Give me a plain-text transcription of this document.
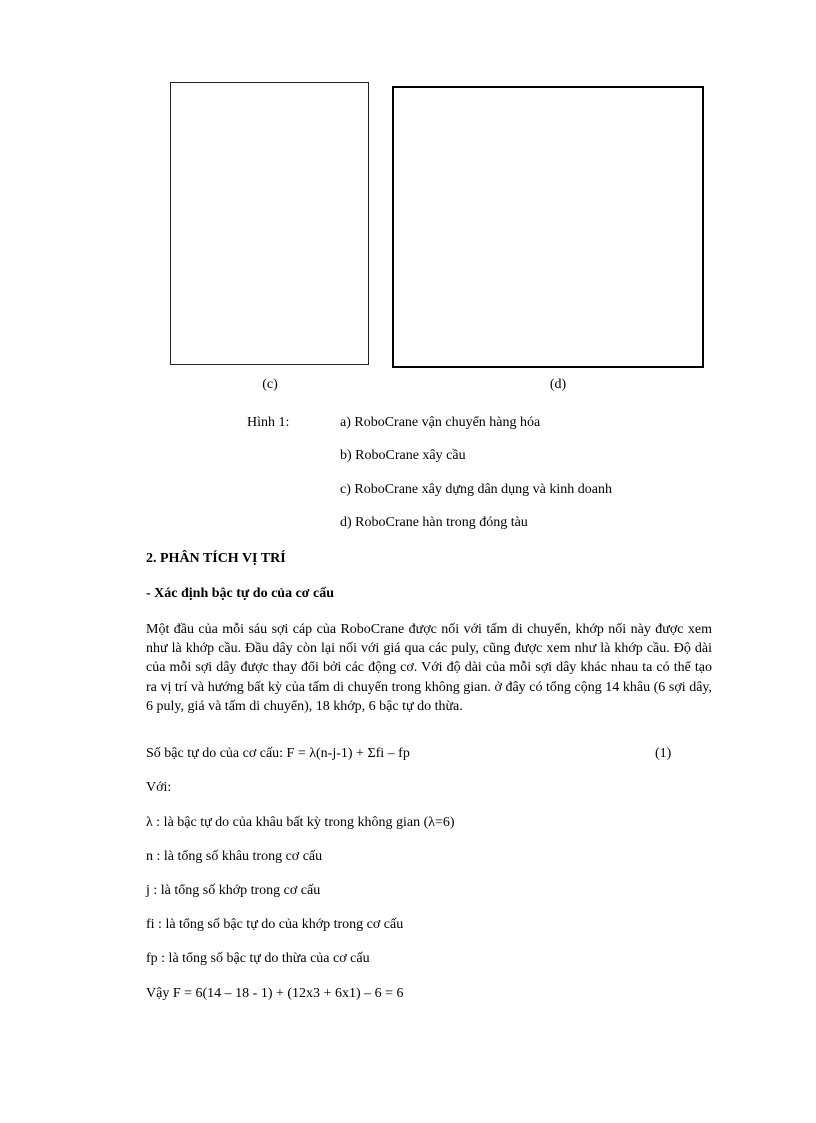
(c)	(d)
Hình 1:	a) RoboCrane vận chuyển hàng hóa
b) RoboCrane xây cầu
c) RoboCrane xây dựng dân dụng và kinh doanh
d) RoboCrane hàn trong đóng tàu
2. PHÂN TÍCH VỊ TRÍ
- Xác định bậc tự do của cơ cấu
Một đầu của mỗi sáu sợi cáp của RoboCrane được nối với tấm di chuyển, khớp nối này được xem như là khớp cầu. Đầu dây còn lại nối với giá qua các puly, cũng được xem như là khớp cầu. Độ dài của mỗi sợi dây được thay đổi bởi các động cơ. Với độ dài của mỗi sợi dây khác nhau ta có thể tạo ra vị trí và hướng bất kỳ của tấm di chuyển trong không gian. ở đây có tổng cộng 14 khâu (6 sợi dây, 6 puly, giá và tấm di chuyển), 18 khớp, 6 bậc tự do thừa.
Số bậc tự do của cơ cấu: F = λ(n-j-1) + Σfi – fp	(1)
Với:
λ : là bậc tự do của khâu bất kỳ trong không gian (λ=6)
n : là tổng số khâu trong cơ cấu
j : là tổng số khớp trong cơ cấu
fi : là tổng số bậc tự do của khớp trong cơ cấu
fp : là tổng số bậc tự do thừa của cơ cấu
Vậy F = 6(14 – 18 - 1) + (12x3 + 6x1) – 6 = 6
